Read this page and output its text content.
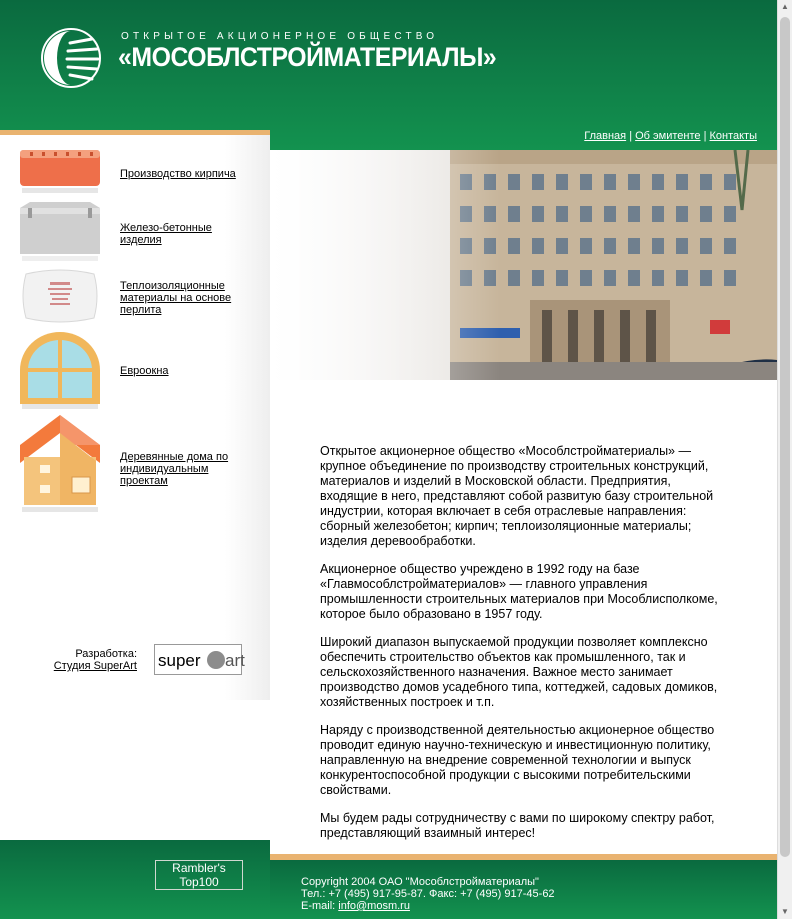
ОТКРЫТОЕ АКЦИОНЕРНОЕ ОБЩЕСТВО
«МОСОБЛСТРОЙМАТЕРИАЛЫ»
Главная | Об эмитенте | Контакты
Производство кирпича
Железо-бетонные изделия
Теплоизоляционные материалы на основе перлита
Евроокна
Деревянные дома по индивидуальным проектам
Разработка:
Студия SuperArt super art

Открытое акционерное общество «Мособлстройматериалы» — крупное объединение по производству строительных конструкций, материалов и изделий в Московской области. Предприятия, входящие в него, представляют собой развитую базу строительной индустрии, которая включает в себя отраслевые направления: сборный железобетон; кирпич; теплоизоляционные материалы; изделия деревообработки.

Акционерное общество учреждено в 1992 году на базе «Главмособлстройматериалов» — главного управления промышленности строительных материалов при Мособлисполкоме, которое было образовано в 1957 году.

Широкий диапазон выпускаемой продукции позволяет комплексно обеспечить строительство объектов как промышленного, так и сельскохозяйственного назначения. Важное место занимает производство домов усадебного типа, коттеджей, садовых домиков, хозяйственных построек и т.п.

Наряду с производственной деятельностью акционерное общество проводит единую научно-техническую и инвестиционную политику, направленную на внедрение современной технологии и выпуск конкурентоспособной продукции с высокими потребительскими свойствами.

Мы будем рады сотрудничеству с вами по широкому спектру работ, представляющий взаимный интерес!

Rambler's Top100	Copyright 2004 ОАО "Мособлстройматериалы"
Тел.: +7 (495) 917-95-87. Факс: +7 (495) 917-45-62
E-mail: info@mosm.ru
▲
▼
